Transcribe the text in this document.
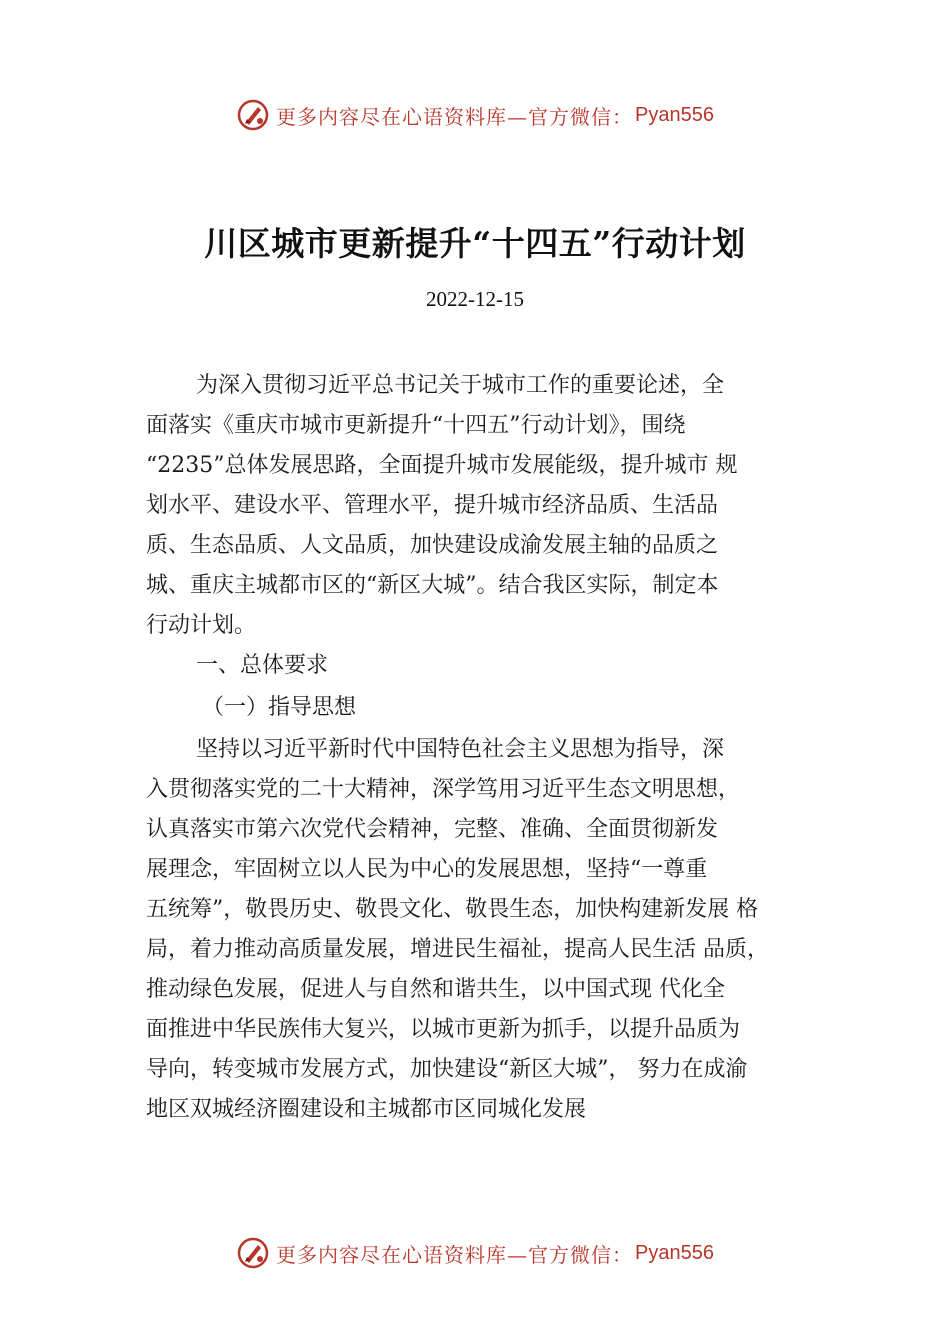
更多内容尽在心语资料库—官方微信： Pyan556
川区城市更新提升“十四五”行动计划
2022-12-15
为深入贯彻习近平总书记关于城市工作的重要论述，全
面落实《重庆市城市更新提升“十四五”行动计划》，围绕
“2235”总体发展思路，全面提升城市发展能级，提升城市 规
划水平、建设水平、管理水平，提升城市经济品质、生活品
质、生态品质、人文品质，加快建设成渝发展主轴的品质之
城、重庆主城都市区的“新区大城”。结合我区实际，制定本
行动计划。
一、总体要求
（一）指导思想
坚持以习近平新时代中国特色社会主义思想为指导，深
入贯彻落实党的二十大精神，深学笃用习近平生态文明思想，
认真落实市第六次党代会精神，完整、准确、全面贯彻新发
展理念，牢固树立以人民为中心的发展思想，坚持“一尊重
五统筹”，敬畏历史、敬畏文化、敬畏生态，加快构建新发展 格
局，着力推动高质量发展，增进民生福祉，提高人民生活 品质，
推动绿色发展，促进人与自然和谐共生，以中国式现 代化全
面推进中华民族伟大复兴，以城市更新为抓手，以提升品质为
导向，转变城市发展方式，加快建设“新区大城”， 努力在成渝
地区双城经济圈建设和主城都市区同城化发展
更多内容尽在心语资料库—官方微信： Pyan556
